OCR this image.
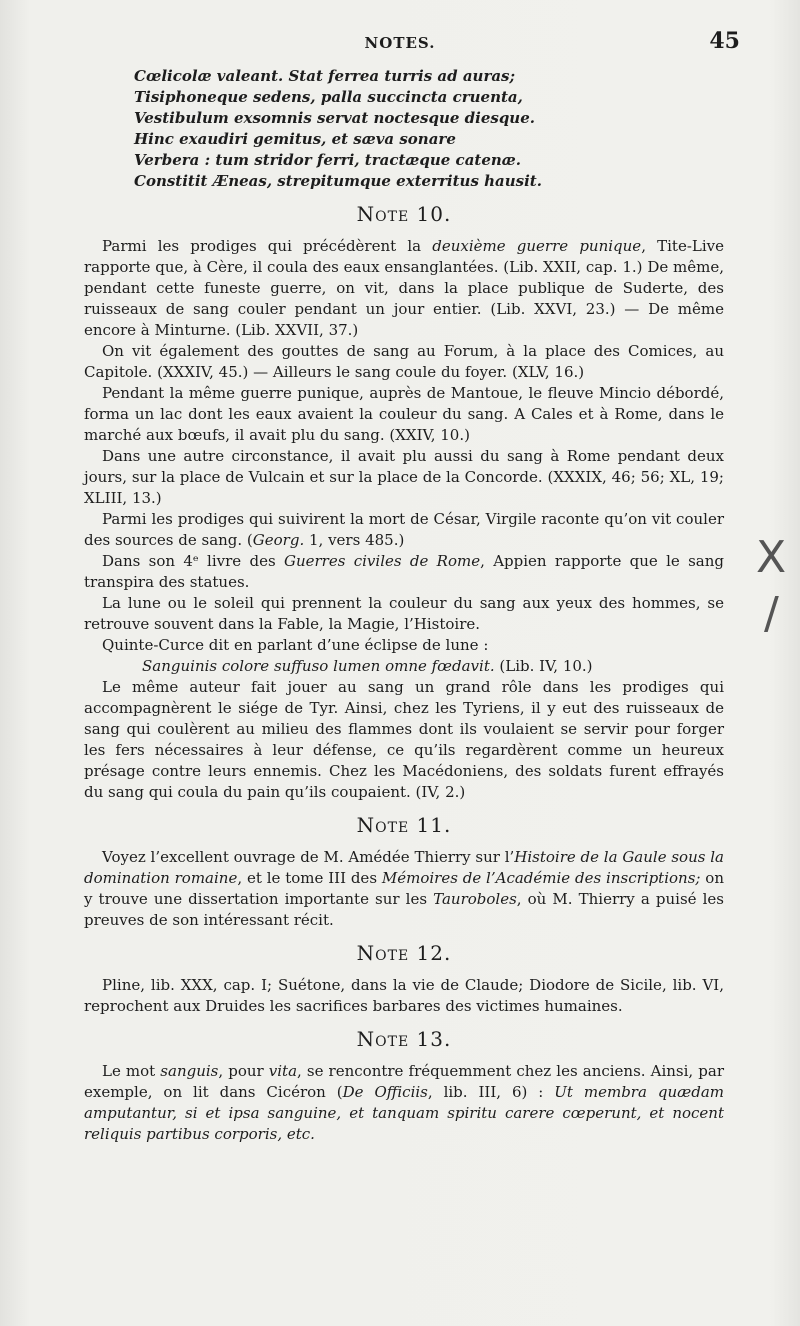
NOTES.	45
Cœlicolæ valeant. Stat ferrea turris ad auras;
Tisiphoneque sedens, palla succincta cruenta,
Vestibulum exsomnis servat noctesque diesque.
Hinc exaudiri gemitus, et sæva sonare
Verbera : tum stridor ferri, tractæque catenæ.
Constitit Æneas, strepitumque exterritus hausit.
Note 10.

Parmi les prodiges qui précédèrent la deuxième guerre punique, Tite-Live rapporte que, à Cère, il coula des eaux ensanglantées. (Lib. XXII, cap. 1.) De même, pendant cette funeste guerre, on vit, dans la place publique de Suderte, des ruisseaux de sang couler pendant un jour entier. (Lib. XXVI, 23.) — De même encore à Minturne. (Lib. XXVII, 37.)

On vit également des gouttes de sang au Forum, à la place des Comices, au Capitole. (XXXIV, 45.) — Ailleurs le sang coule du foyer. (XLV, 16.)

Pendant la même guerre punique, auprès de Mantoue, le fleuve Mincio débordé, forma un lac dont les eaux avaient la couleur du sang. A Cales et à Rome, dans le marché aux bœufs, il avait plu du sang. (XXIV, 10.)

Dans une autre circonstance, il avait plu aussi du sang à Rome pendant deux jours, sur la place de Vulcain et sur la place de la Concorde. (XXXIX, 46; 56; XL, 19; XLIII, 13.)

Parmi les prodiges qui suivirent la mort de César, Virgile raconte qu’on vit couler des sources de sang. (Georg. 1, vers 485.)

Dans son 4ᵉ livre des Guerres civiles de Rome, Appien rapporte que le sang transpira des statues.

La lune ou le soleil qui prennent la couleur du sang aux yeux des hommes, se retrouve souvent dans la Fable, la Magie, l’Histoire.

Quinte-Curce dit en parlant d’une éclipse de lune :

Sanguinis colore suffuso lumen omne fœdavit. (Lib. IV, 10.)

Le même auteur fait jouer au sang un grand rôle dans les prodiges qui accompagnèrent le siége de Tyr. Ainsi, chez les Tyriens, il y eut des ruisseaux de sang qui coulèrent au milieu des flammes dont ils voulaient se servir pour forger les fers nécessaires à leur défense, ce qu’ils regardèrent comme un heureux présage contre leurs ennemis. Chez les Macédoniens, des soldats furent effrayés du sang qui coula du pain qu’ils coupaient. (IV, 2.)

Note 11.

Voyez l’excellent ouvrage de M. Amédée Thierry sur l’Histoire de la Gaule sous la domination romaine, et le tome III des Mémoires de l’Académie des inscriptions; on y trouve une dissertation importante sur les Tauroboles, où M. Thierry a puisé les preuves de son intéressant récit.

Note 12.

Pline, lib. XXX, cap. I; Suétone, dans la vie de Claude; Diodore de Sicile, lib. VI, reprochent aux Druides les sacrifices barbares des victimes humaines.

Note 13.

Le mot sanguis, pour vita, se rencontre fréquemment chez les anciens. Ainsi, par exemple, on lit dans Cicéron (De Officiis, lib. III, 6) : Ut membra quædam amputantur, si et ipsa sanguine, et tanquam spiritu carere cœperunt, et nocent reliquis partibus corporis, etc.

X
/
